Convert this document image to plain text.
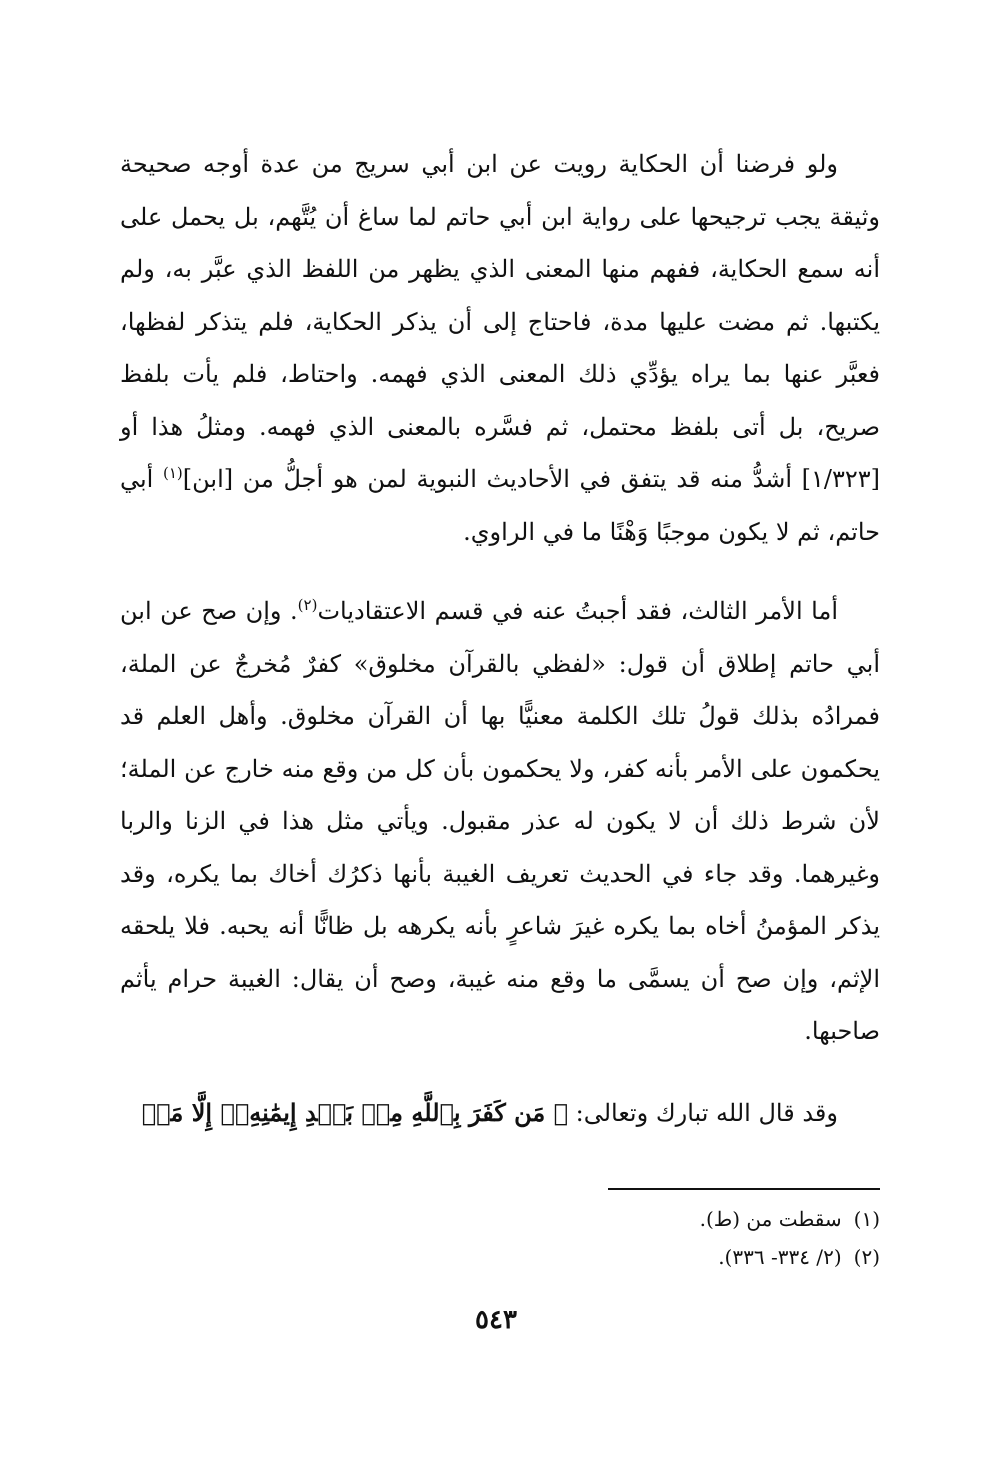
ولو فرضنا أن الحكاية رويت عن ابن أبي سريج من عدة أوجه صحيحة وثيقة يجب ترجيحها على رواية ابن أبي حاتم لما ساغ أن يُتَّهم، بل يحمل على أنه سمع الحكاية، ففهم منها المعنى الذي يظهر من اللفظ الذي عبَّر به، ولم يكتبها. ثم مضت عليها مدة، فاحتاج إلى أن يذكر الحكاية، فلم يتذكر لفظها، فعبَّر عنها بما يراه يؤدِّي ذلك المعنى الذي فهمه. واحتاط، فلم يأت بلفظ صريح، بل أتى بلفظ محتمل، ثم فسَّره بالمعنى الذي فهمه. ومثلُ هذا أو [١/٣٢٣] أشدُّ منه قد يتفق في الأحاديث النبوية لمن هو أجلُّ من [ابن]$^{(١)}$ أبي حاتم، ثم لا يكون موجبًا وَهْنًا ما في الراوي.

أما الأمر الثالث، فقد أجبتُ عنه في قسم الاعتقاديات$^{(٢)}$. وإن صح عن ابن أبي حاتم إطلاق أن قول: «لفظي بالقرآن مخلوق» كفرٌ مُخرجٌ عن الملة، فمرادُه بذلك قولُ تلك الكلمة معنيًّا بها أن القرآن مخلوق. وأهل العلم قد يحكمون على الأمر بأنه كفر، ولا يحكمون بأن كل من وقع منه خارج عن الملة؛ لأن شرط ذلك أن لا يكون له عذر مقبول. ويأتي مثل هذا في الزنا والربا وغيرهما. وقد جاء في الحديث تعريف الغيبة بأنها ذكرُك أخاك بما يكره، وقد يذكر المؤمنُ أخاه بما يكره غيرَ شاعرٍ بأنه يكرهه بل ظانًّا أنه يحبه. فلا يلحقه الإثم، وإن صح أن يسمَّى ما وقع منه غيبة، وصح أن يقال: الغيبة حرام يأثم صاحبها.

وقد قال الله تبارك وتعالى: ﴿ مَن كَفَرَ بِٱللَّهِ مِنۢ بَعۡدِ إِيمَٰنِهِۦٓ إِلَّا مَنۡ

(١)سقطت من (ط).
(٢)(٢/ ٣٣٤- ٣٣٦).
٥٤٣
